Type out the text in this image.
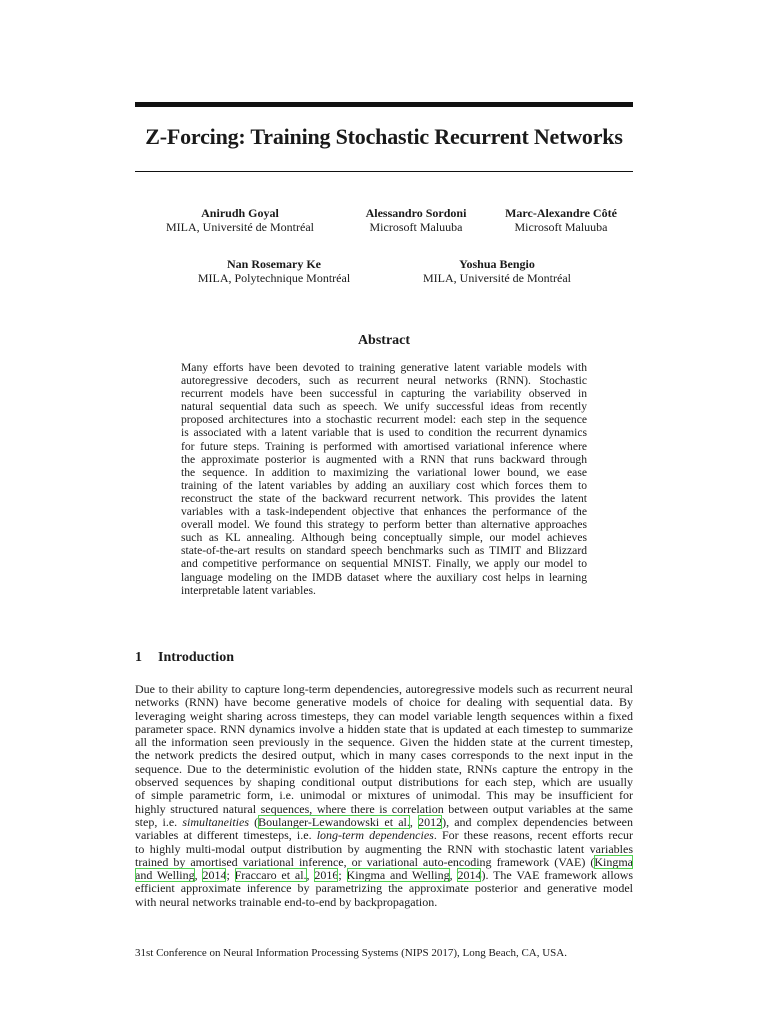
Z-Forcing: Training Stochastic Recurrent Networks
Anirudh Goyal
MILA, Université de Montréal
Alessandro Sordoni
Microsoft Maluuba
Marc-Alexandre Côté
Microsoft Maluuba
Nan Rosemary Ke
MILA, Polytechnique Montréal
Yoshua Bengio
MILA, Université de Montréal
Abstract
Many efforts have been devoted to training generative latent variable models with
autoregressive decoders, such as recurrent neural networks (RNN). Stochastic
recurrent models have been successful in capturing the variability observed in
natural sequential data such as speech. We unify successful ideas from recently
proposed architectures into a stochastic recurrent model: each step in the sequence
is associated with a latent variable that is used to condition the recurrent dynamics
for future steps. Training is performed with amortised variational inference where
the approximate posterior is augmented with a RNN that runs backward through
the sequence. In addition to maximizing the variational lower bound, we ease
training of the latent variables by adding an auxiliary cost which forces them to
reconstruct the state of the backward recurrent network. This provides the latent
variables with a task-independent objective that enhances the performance of the
overall model. We found this strategy to perform better than alternative approaches
such as KL annealing. Although being conceptually simple, our model achieves
state-of-the-art results on standard speech benchmarks such as TIMIT and Blizzard
and competitive performance on sequential MNIST. Finally, we apply our model to
language modeling on the IMDB dataset where the auxiliary cost helps in learning
interpretable latent variables.
1 Introduction
Due to their ability to capture long-term dependencies, autoregressive models such as recurrent neural
networks (RNN) have become generative models of choice for dealing with sequential data. By
leveraging weight sharing across timesteps, they can model variable length sequences within a fixed
parameter space. RNN dynamics involve a hidden state that is updated at each timestep to summarize
all the information seen previously in the sequence. Given the hidden state at the current timestep,
the network predicts the desired output, which in many cases corresponds to the next input in the
sequence. Due to the deterministic evolution of the hidden state, RNNs capture the entropy in the
observed sequences by shaping conditional output distributions for each step, which are usually
of simple parametric form, i.e. unimodal or mixtures of unimodal. This may be insufficient for
highly structured natural sequences, where there is correlation between output variables at the same
step, i.e. simultaneities (Boulanger-Lewandowski et al., 2012), and complex dependencies between
variables at different timesteps, i.e. long-term dependencies. For these reasons, recent efforts recur
to highly multi-modal output distribution by augmenting the RNN with stochastic latent variables
trained by amortised variational inference, or variational auto-encoding framework (VAE) (Kingma
and Welling, 2014; Fraccaro et al., 2016; Kingma and Welling, 2014). The VAE framework allows
efficient approximate inference by parametrizing the approximate posterior and generative model
with neural networks trainable end-to-end by backpropagation.
31st Conference on Neural Information Processing Systems (NIPS 2017), Long Beach, CA, USA.
